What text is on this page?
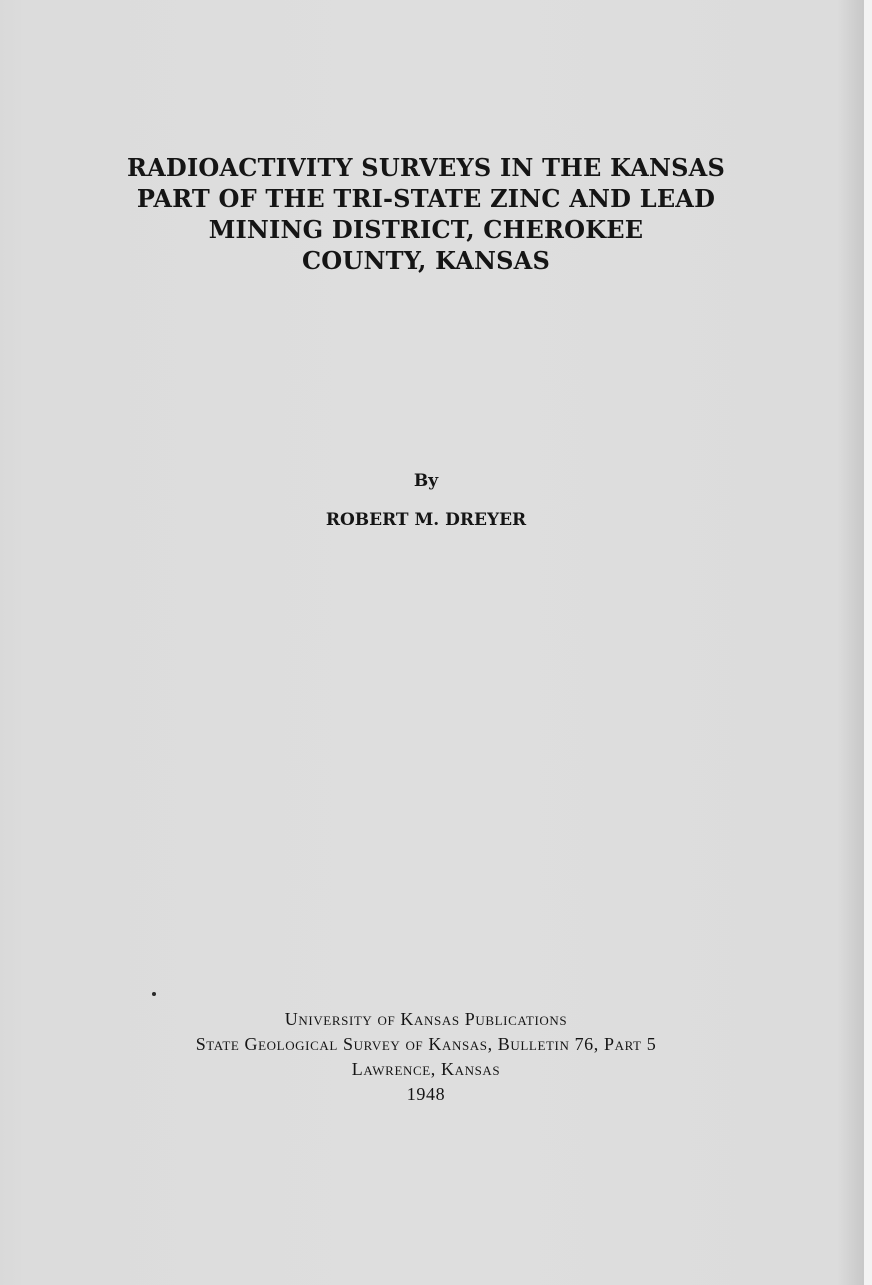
RADIOACTIVITY SURVEYS IN THE KANSAS
PART OF THE TRI-STATE ZINC AND LEAD
MINING DISTRICT, CHEROKEE
COUNTY, KANSAS
By
ROBERT M. DREYER
University of Kansas Publications
State Geological Survey of Kansas, Bulletin 76, Part 5
Lawrence, Kansas
1948
